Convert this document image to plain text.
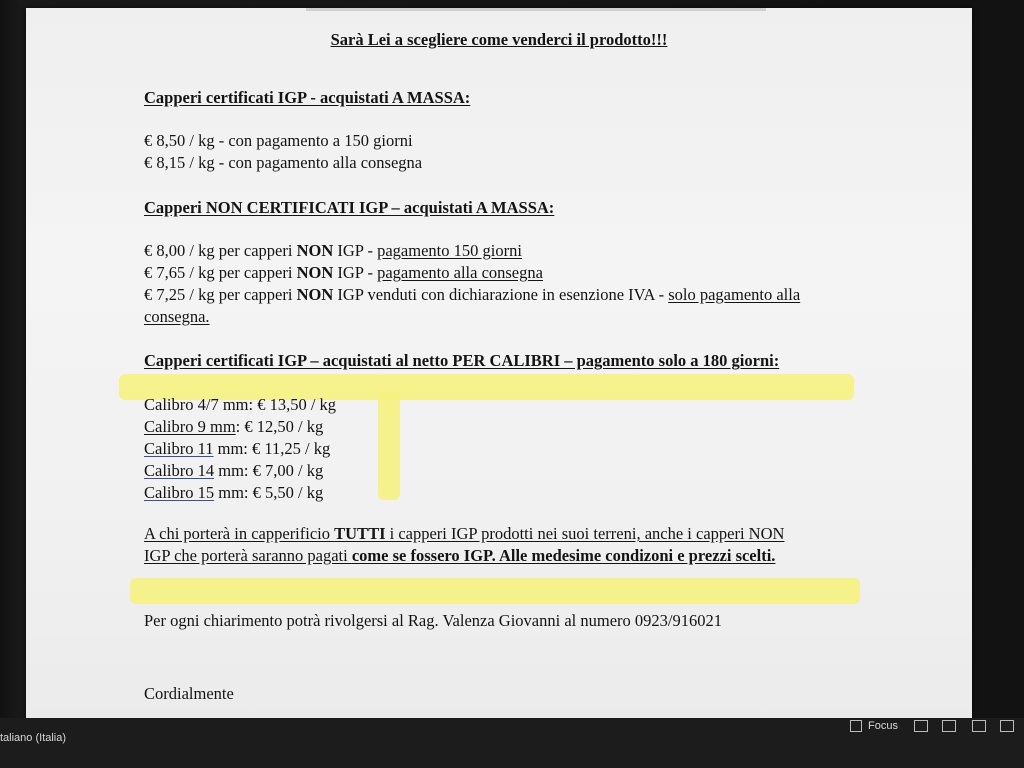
Sarà Lei a scegliere come venderci il prodotto!!!
Capperi certificati IGP - acquistati A MASSA:
€ 8,50 / kg - con pagamento a 150 giorni
€ 8,15 / kg - con pagamento alla consegna
Capperi NON CERTIFICATI IGP – acquistati A MASSA:
€ 8,00 / kg per capperi NON IGP - pagamento 150 giorni
€ 7,65 / kg per capperi NON IGP - pagamento alla consegna
€ 7,25 / kg per capperi NON IGP venduti con dichiarazione in esenzione IVA - solo pagamento alla
consegna.
Capperi certificati IGP – acquistati al netto PER CALIBRI – pagamento solo a 180 giorni:
Calibro 4/7 mm: € 13,50 / kg
Calibro 9 mm: € 12,50 / kg
Calibro 11 mm: € 11,25 / kg
Calibro 14 mm: € 7,00 / kg
Calibro 15 mm: € 5,50 / kg
A chi porterà in capperificio TUTTI i capperi IGP prodotti nei suoi terreni, anche i capperi NON
IGP che porterà saranno pagati come se fossero IGP. Alle medesime condizoni e prezzi scelti.
Per ogni chiarimento potrà rivolgersi al Rag. Valenza Giovanni al numero 0923/916021
Cordialmente
taliano (Italia)
Focus
